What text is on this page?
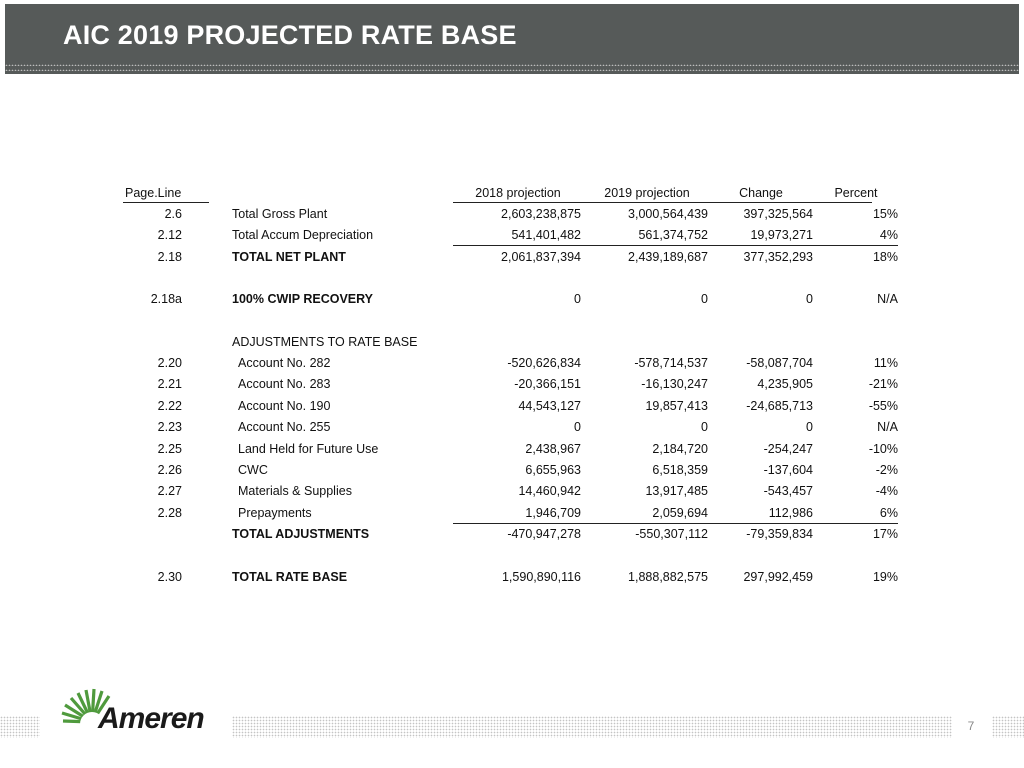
AIC 2019 PROJECTED RATE BASE
Page.Line	2018 projection	2019 projection	Change	Percent
2.6	Total Gross Plant	2,603,238,875	3,000,564,439	397,325,564	15%
2.12	Total Accum Depreciation	541,401,482	561,374,752	19,973,271	4%
2.18	TOTAL NET PLANT	2,061,837,394	2,439,189,687	377,352,293	18%
2.18a	100% CWIP RECOVERY	0	0	0	N/A
ADJUSTMENTS TO RATE BASE
2.20	Account No. 282	-520,626,834	-578,714,537	-58,087,704	11%
2.21	Account No. 283	-20,366,151	-16,130,247	4,235,905	-21%
2.22	Account No. 190	44,543,127	19,857,413	-24,685,713	-55%
2.23	Account No. 255	0	0	0	N/A
2.25	Land Held for Future Use	2,438,967	2,184,720	-254,247	-10%
2.26	CWC	6,655,963	6,518,359	-137,604	-2%
2.27	Materials & Supplies	14,460,942	13,917,485	-543,457	-4%
2.28	Prepayments	1,946,709	2,059,694	112,986	6%
TOTAL ADJUSTMENTS	-470,947,278	-550,307,112	-79,359,834	17%
2.30	TOTAL RATE BASE	1,590,890,116	1,888,882,575	297,992,459	19%
Ameren	7
